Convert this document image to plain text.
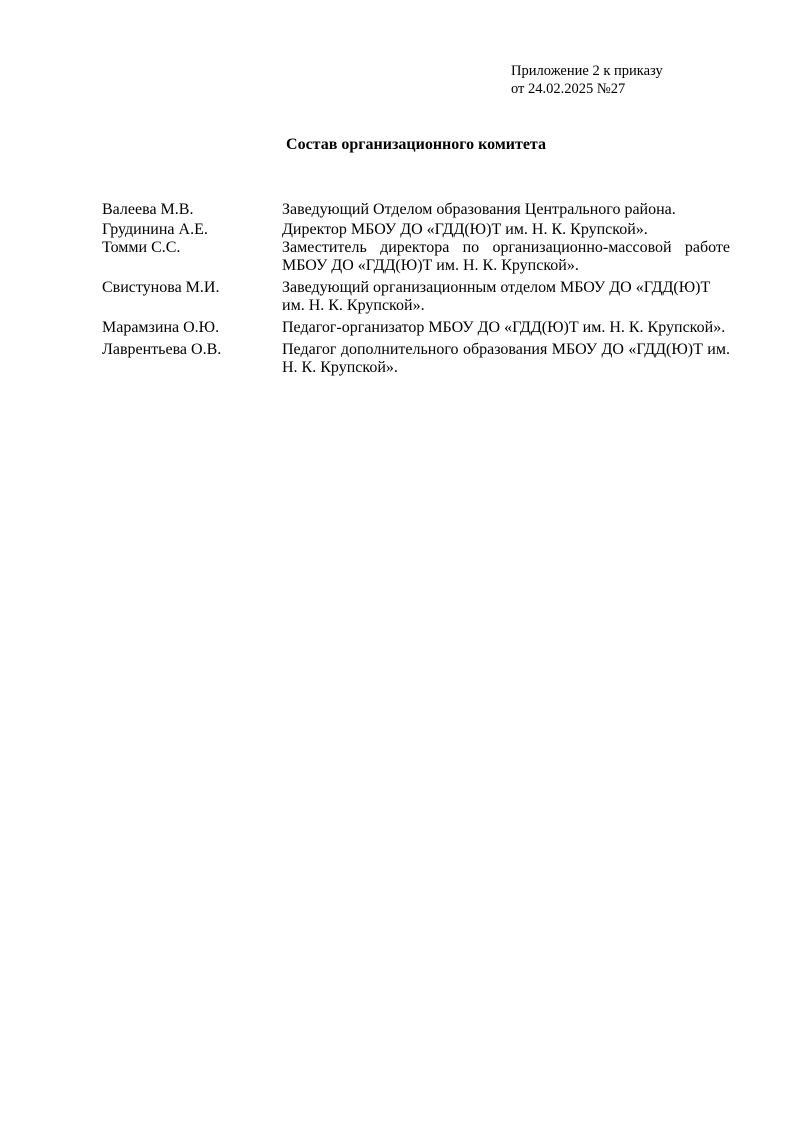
Приложение 2 к приказу
от 24.02.2025 №27
Состав организационного комитета
Валеева М.В.	Заведующий Отделом образования Центрального района.
Грудинина А.Е.	Директор МБОУ ДО «ГДД(Ю)Т им. Н. К. Крупской».
Томми С.С.	Заместитель директора по организационно-массовой работе МБОУ ДО «ГДД(Ю)Т им. Н. К. Крупской».
Свистунова М.И.	Заведующий организационным отделом МБОУ ДО «ГДД(Ю)Т им. Н. К. Крупской».
Марамзина О.Ю.	Педагог-организатор МБОУ ДО «ГДД(Ю)Т им. Н. К. Крупской».
Лаврентьева О.В.	Педагог дополнительного образования МБОУ ДО «ГДД(Ю)Т им. Н. К. Крупской».
